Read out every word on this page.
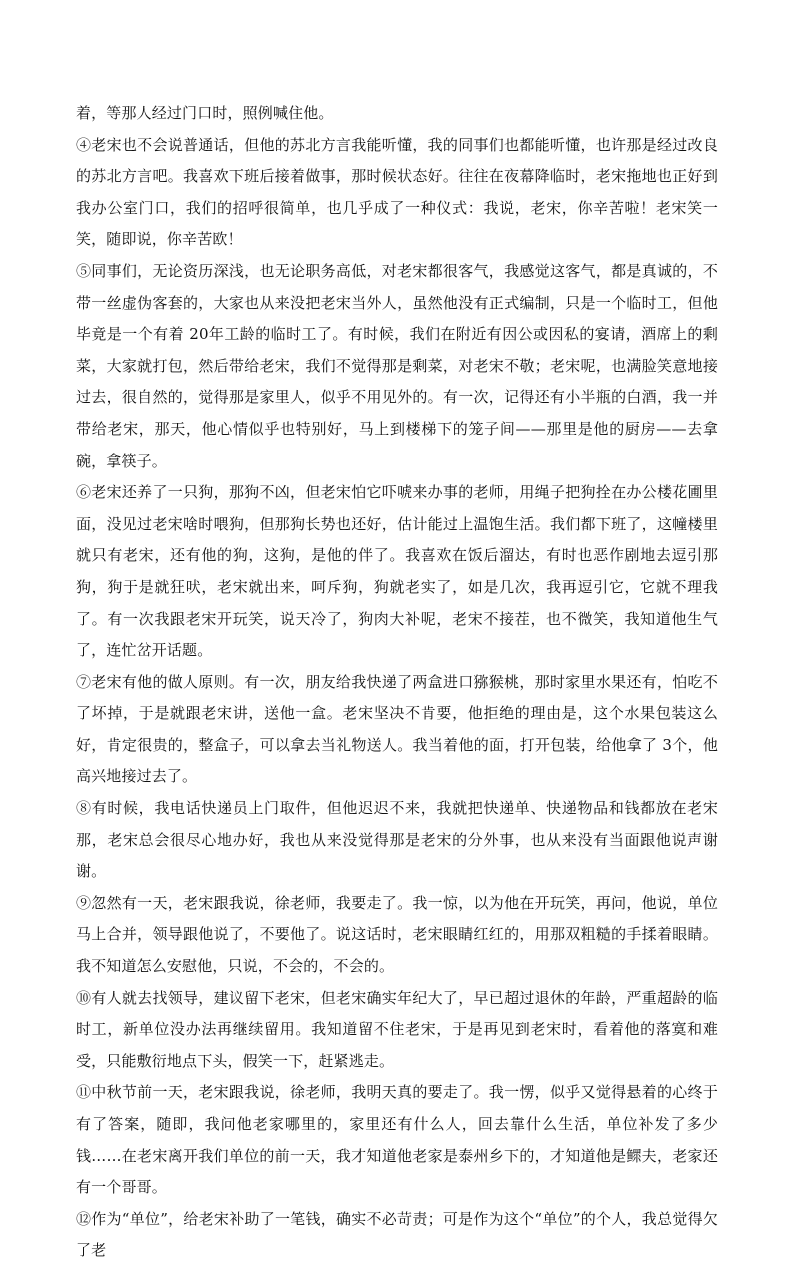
着，等那人经过门口时，照例喊住他。

④老宋也不会说普通话，但他的苏北方言我能听懂，我的同事们也都能听懂，也许那是经过改良的苏北方言吧。我喜欢下班后接着做事，那时候状态好。往往在夜幕降临时，老宋拖地也正好到我办公室门口，我们的招呼很简单，也几乎成了一种仪式：我说，老宋，你辛苦啦！老宋笑一笑，随即说，你辛苦欧！

⑤同事们，无论资历深浅，也无论职务高低，对老宋都很客气，我感觉这客气，都是真诚的，不带一丝虚伪客套的，大家也从来没把老宋当外人，虽然他没有正式编制，只是一个临时工，但他毕竟是一个有着 20年工龄的临时工了。有时候，我们在附近有因公或因私的宴请，酒席上的剩菜，大家就打包，然后带给老宋，我们不觉得那是剩菜，对老宋不敬；老宋呢，也满脸笑意地接过去，很自然的，觉得那是家里人，似乎不用见外的。有一次，记得还有小半瓶的白酒，我一并带给老宋，那天，他心情似乎也特别好，马上到楼梯下的笼子间——那里是他的厨房——去拿碗，拿筷子。

⑥老宋还养了一只狗，那狗不凶，但老宋怕它吓唬来办事的老师，用绳子把狗拴在办公楼花圃里面，没见过老宋啥时喂狗，但那狗长势也还好，估计能过上温饱生活。我们都下班了，这幢楼里就只有老宋，还有他的狗，这狗，是他的伴了。我喜欢在饭后溜达，有时也恶作剧地去逗引那狗，狗于是就狂吠，老宋就出来，呵斥狗，狗就老实了，如是几次，我再逗引它，它就不理我了。有一次我跟老宋开玩笑，说天冷了，狗肉大补呢，老宋不接茬，也不微笑，我知道他生气了，连忙岔开话题。

⑦老宋有他的做人原则。有一次，朋友给我快递了两盒进口猕猴桃，那时家里水果还有，怕吃不了坏掉，于是就跟老宋讲，送他一盒。老宋坚决不肯要，他拒绝的理由是，这个水果包装这么好，肯定很贵的，整盒子，可以拿去当礼物送人。我当着他的面，打开包装，给他拿了 3个，他高兴地接过去了。

⑧有时候，我电话快递员上门取件，但他迟迟不来，我就把快递单、快递物品和钱都放在老宋那，老宋总会很尽心地办好，我也从来没觉得那是老宋的分外事，也从来没有当面跟他说声谢谢。

⑨忽然有一天，老宋跟我说，徐老师，我要走了。我一惊，以为他在开玩笑，再问，他说，单位马上合并，领导跟他说了，不要他了。说这话时，老宋眼睛红红的，用那双粗糙的手揉着眼睛。我不知道怎么安慰他，只说，不会的，不会的。

⑩有人就去找领导，建议留下老宋，但老宋确实年纪大了，早已超过退休的年龄，严重超龄的临时工，新单位没办法再继续留用。我知道留不住老宋，于是再见到老宋时，看着他的落寞和难受，只能敷衍地点下头，假笑一下，赶紧逃走。

⑪中秋节前一天，老宋跟我说，徐老师，我明天真的要走了。我一愣，似乎又觉得悬着的心终于有了答案，随即，我问他老家哪里的，家里还有什么人，回去靠什么生活，单位补发了多少钱……在老宋离开我们单位的前一天，我才知道他老家是泰州乡下的，才知道他是鳏夫，老家还有一个哥哥。

⑫作为“单位”，给老宋补助了一笔钱，确实不必苛责；可是作为这个“单位”的个人，我总觉得欠了老
